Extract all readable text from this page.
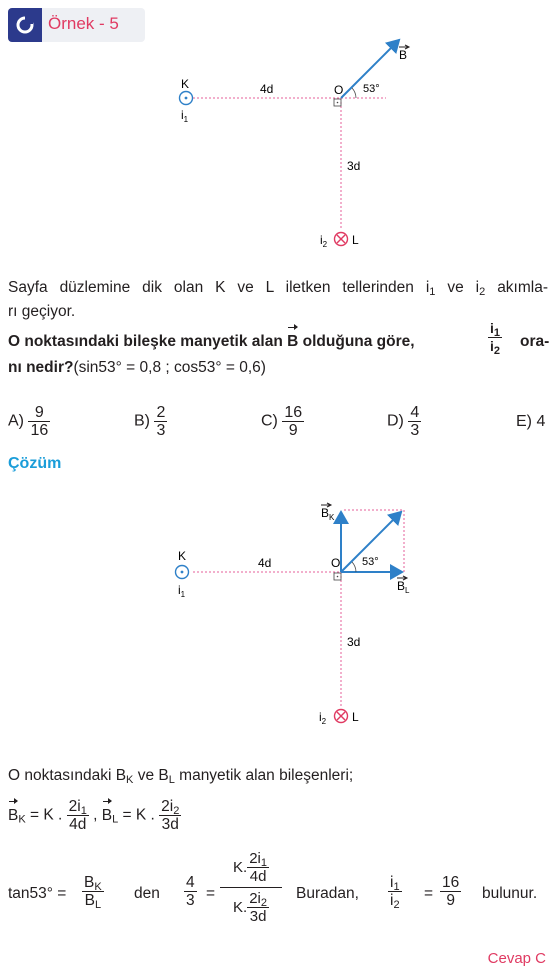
Örnek - 5
K
$i_1$
4d	O 53°
B
3d
$i_2$ L
Sayfa düzlemine dik olan K ve L iletken tellerinden $i_1$ ve $i_2$ akımla-
rı geçiyor.
O noktasındaki bileşke manyetik alan B olduğuna göre,	$\frac{i_1}{i_2} ora-$
nı nedir?(sin53° = 0,8 ; cos53° = 0,6)
$A) \frac{9}{16}$	$B) \frac{2}{3}$	$C) \frac{16}{9}$	$D) \frac{4}{3}$	E) 4
Çözüm
$B_K$
K
$i_1$
4d	O 53°
$B_L$
3d
$i_2$ L
O noktasındaki $B_K$ ve $B_L$ manyetik alan bileşenleri;
$B_K = K$ . $\frac{2i_1}{4d}$ , $B_L = K$ . $\frac{2i_2}{3d}$
$\tan 53^\circ = \frac{B_K}{B_L}$ den $\frac{4}{3}$ =
K. $\frac{2i_1}{4d}$
K. $\frac{2i_2}{3d}$ Buradan, $\frac{i_1}{i_2} = \frac{16}{9}$ bulunur.
Cevap C
